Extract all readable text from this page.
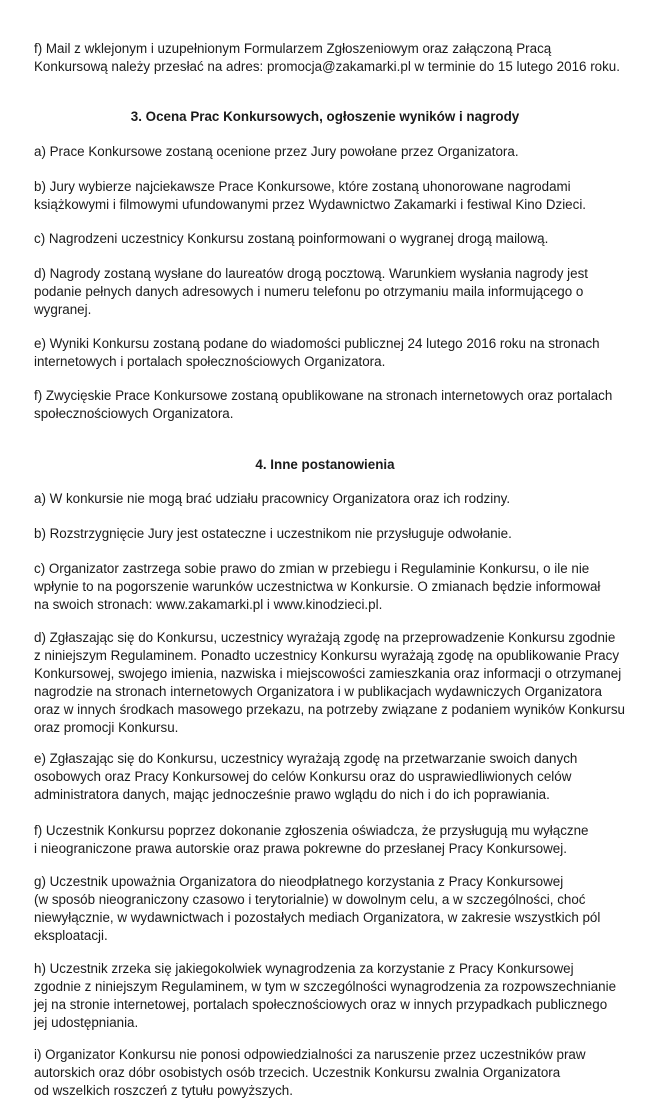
f) Mail z wklejonym i uzupełnionym Formularzem Zgłoszeniowym oraz załączoną Pracą
Konkursową należy przesłać na adres: promocja@zakamarki.pl w terminie do 15 lutego 2016 roku.

3. Ocena Prac Konkursowych, ogłoszenie wyników i nagrody

a) Prace Konkursowe zostaną ocenione przez Jury powołane przez Organizatora.

b) Jury wybierze najciekawsze Prace Konkursowe, które zostaną uhonorowane nagrodami
książkowymi i filmowymi ufundowanymi przez Wydawnictwo Zakamarki i festiwal Kino Dzieci.

c) Nagrodzeni uczestnicy Konkursu zostaną poinformowani o wygranej drogą mailową.

d) Nagrody zostaną wysłane do laureatów drogą pocztową. Warunkiem wysłania nagrody jest
podanie pełnych danych adresowych i numeru telefonu po otrzymaniu maila informującego o
wygranej.

e) Wyniki Konkursu zostaną podane do wiadomości publicznej 24 lutego 2016 roku na stronach
internetowych i portalach społecznościowych Organizatora.

f) Zwycięskie Prace Konkursowe zostaną opublikowane na stronach internetowych oraz portalach
społecznościowych Organizatora.

4. Inne postanowienia

a) W konkursie nie mogą brać udziału pracownicy Organizatora oraz ich rodziny.

b) Rozstrzygnięcie Jury jest ostateczne i uczestnikom nie przysługuje odwołanie.

c) Organizator zastrzega sobie prawo do zmian w przebiegu i Regulaminie Konkursu, o ile nie
wpłynie to na pogorszenie warunków uczestnictwa w Konkursie. O zmianach będzie informował
na swoich stronach: www.zakamarki.pl i www.kinodzieci.pl.

d) Zgłaszając się do Konkursu, uczestnicy wyrażają zgodę na przeprowadzenie Konkursu zgodnie
z niniejszym Regulaminem. Ponadto uczestnicy Konkursu wyrażają zgodę na opublikowanie Pracy
Konkursowej, swojego imienia, nazwiska i miejscowości zamieszkania oraz informacji o otrzymanej
nagrodzie na stronach internetowych Organizatora i w publikacjach wydawniczych Organizatora
oraz w innych środkach masowego przekazu, na potrzeby związane z podaniem wyników Konkursu
oraz promocji Konkursu.

e) Zgłaszając się do Konkursu, uczestnicy wyrażają zgodę na przetwarzanie swoich danych
osobowych oraz Pracy Konkursowej do celów Konkursu oraz do usprawiedliwionych celów
administratora danych, mając jednocześnie prawo wglądu do nich i do ich poprawiania.

f) Uczestnik Konkursu poprzez dokonanie zgłoszenia oświadcza, że przysługują mu wyłączne
i nieograniczone prawa autorskie oraz prawa pokrewne do przesłanej Pracy Konkursowej.

g) Uczestnik upoważnia Organizatora do nieodpłatnego korzystania z Pracy Konkursowej
(w sposób nieograniczony czasowo i terytorialnie) w dowolnym celu, a w szczególności, choć
niewyłącznie, w wydawnictwach i pozostałych mediach Organizatora, w zakresie wszystkich pól
eksploatacji.

h) Uczestnik zrzeka się jakiegokolwiek wynagrodzenia za korzystanie z Pracy Konkursowej
zgodnie z niniejszym Regulaminem, w tym w szczególności wynagrodzenia za rozpowszechnianie
jej na stronie internetowej, portalach społecznościowych oraz w innych przypadkach publicznego
jej udostępniania.

i) Organizator Konkursu nie ponosi odpowiedzialności za naruszenie przez uczestników praw
autorskich oraz dóbr osobistych osób trzecich. Uczestnik Konkursu zwalnia Organizatora
od wszelkich roszczeń z tytułu powyższych.
